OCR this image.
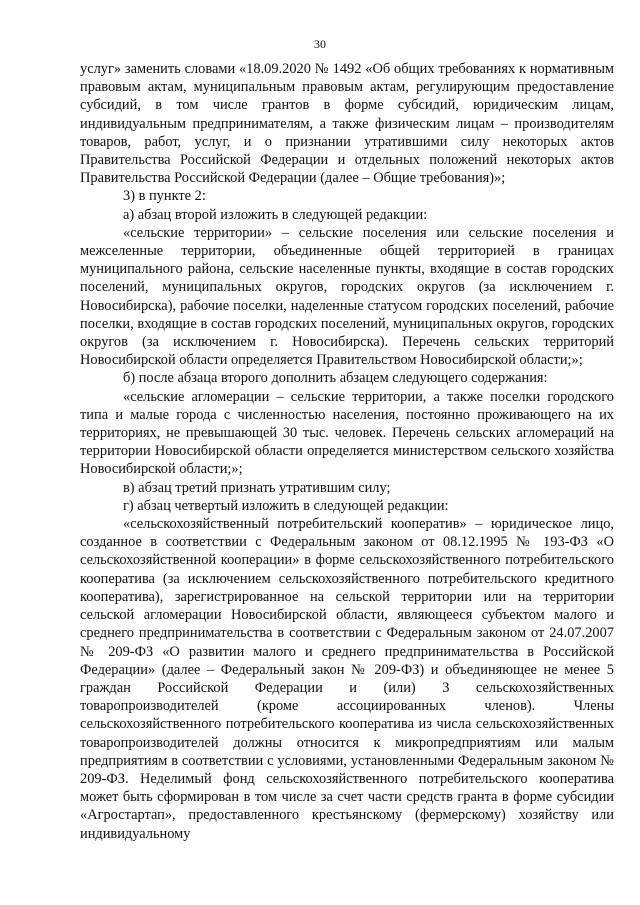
30

услуг» заменить словами «18.09.2020 № 1492 «Об общих требованиях к нормативным правовым актам, муниципальным правовым актам, регулирующим предоставление субсидий, в том числе грантов в форме субсидий, юридическим лицам, индивидуальным предпринимателям, а также физическим лицам – производителям товаров, работ, услуг, и о признании утратившими силу некоторых актов Правительства Российской Федерации и отдельных положений некоторых актов Правительства Российской Федерации (далее – Общие требования)»;

3) в пункте 2:

а) абзац второй изложить в следующей редакции:

«сельские территории» – сельские поселения или сельские поселения и межселенные территории, объединенные общей территорией в границах муниципального района, сельские населенные пункты, входящие в состав городских поселений, муниципальных округов, городских округов (за исключением г. Новосибирска), рабочие поселки, наделенные статусом городских поселений, рабочие поселки, входящие в состав городских поселений, муниципальных округов, городских округов (за исключением г. Новосибирска). Перечень сельских территорий Новосибирской области определяется Правительством Новосибирской области;»;

б) после абзаца второго дополнить абзацем следующего содержания:

«сельские агломерации – сельские территории, а также поселки городского типа и малые города с численностью населения, постоянно проживающего на их территориях, не превышающей 30 тыс. человек. Перечень сельских агломераций на территории Новосибирской области определяется министерством сельского хозяйства Новосибирской области;»;

в) абзац третий признать утратившим силу;

г) абзац четвертый изложить в следующей редакции:

«сельскохозяйственный потребительский кооператив» – юридическое лицо, созданное в соответствии с Федеральным законом от 08.12.1995 № 193-ФЗ «О сельскохозяйственной кооперации» в форме сельскохозяйственного потребительского кооператива (за исключением сельскохозяйственного потребительского кредитного кооператива), зарегистрированное на сельской территории или на территории сельской агломерации Новосибирской области, являющееся субъектом малого и среднего предпринимательства в соответствии с Федеральным законом от 24.07.2007 № 209-ФЗ «О развитии малого и среднего предпринимательства в Российской Федерации» (далее – Федеральный закон № 209-ФЗ) и объединяющее не менее 5 граждан Российской Федерации и (или) 3 сельскохозяйственных товаропроизводителей (кроме ассоциированных членов). Члены сельскохозяйственного потребительского кооператива из числа сельскохозяйственных товаропроизводителей должны относится к микропредприятиям или малым предприятиям в соответствии с условиями, установленными Федеральным законом № 209-ФЗ. Неделимый фонд сельскохозяйственного потребительского кооператива может быть сформирован в том числе за счет части средств гранта в форме субсидии «Агростартап», предоставленного крестьянскому (фермерскому) хозяйству или индивидуальному
